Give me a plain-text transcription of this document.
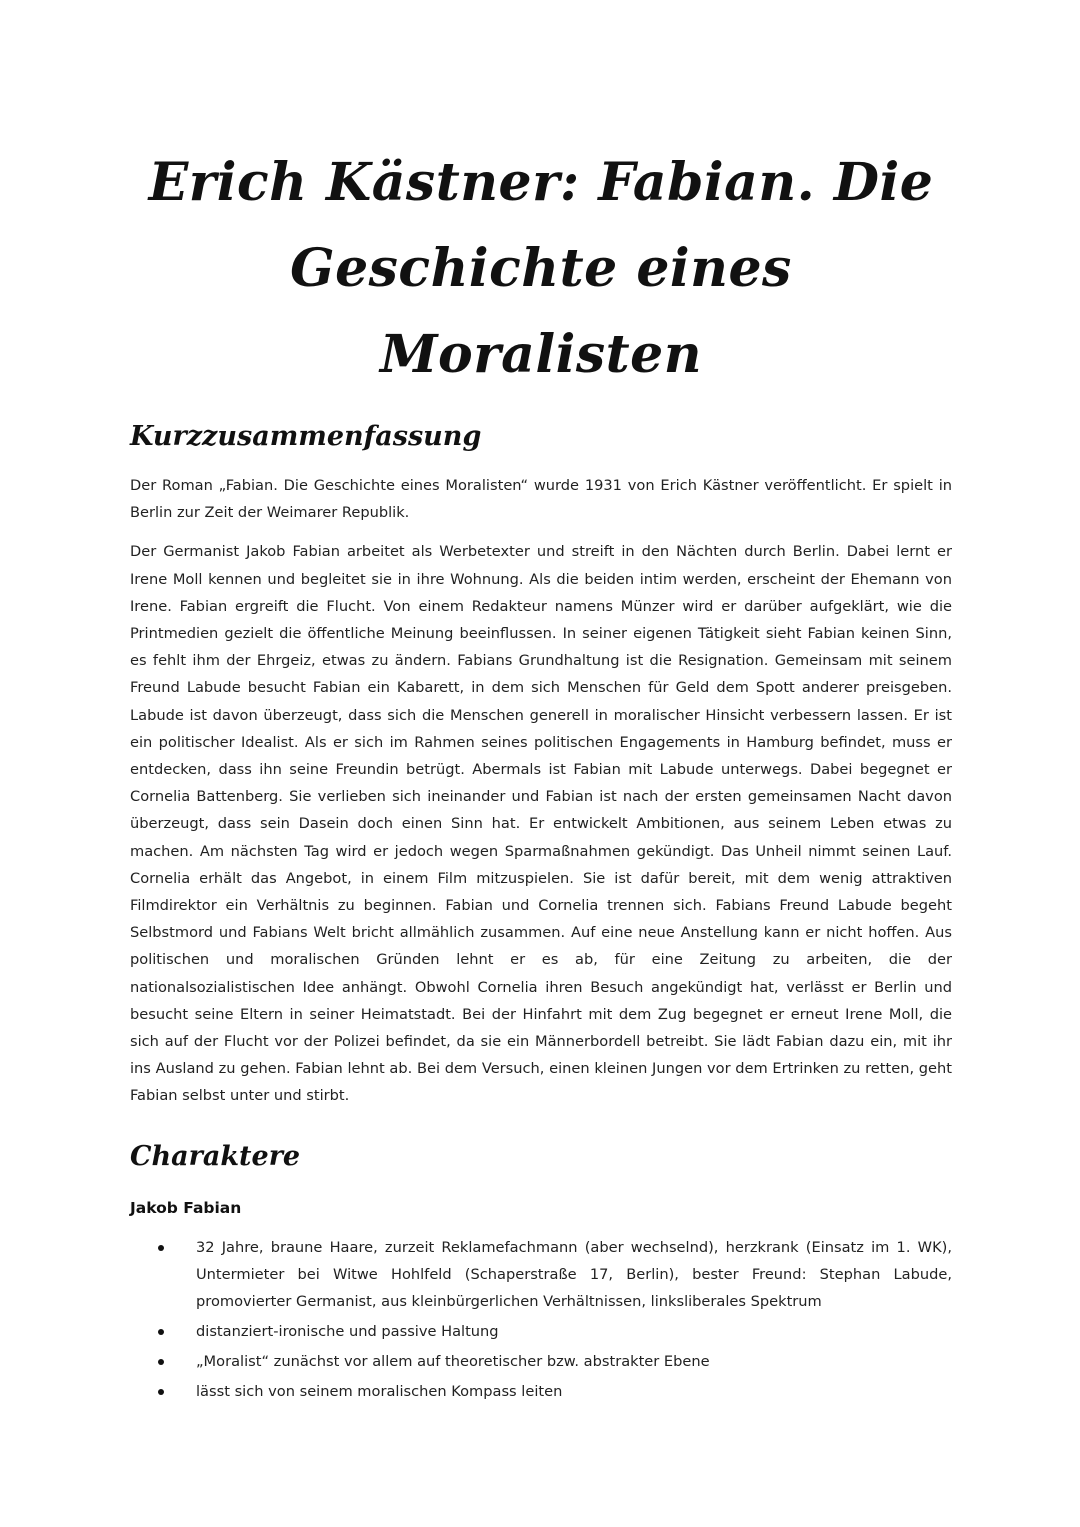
Erich Kästner: Fabian. Die
Geschichte eines Moralisten
Kurzzusammenfassung

Der Roman „Fabian. Die Geschichte eines Moralisten“ wurde 1931 von Erich Kästner veröffentlicht. Er spielt in Berlin zur Zeit der Weimarer Republik.

Der Germanist Jakob Fabian arbeitet als Werbetexter und streift in den Nächten durch Berlin. Dabei lernt er Irene Moll kennen und begleitet sie in ihre Wohnung. Als die beiden intim werden, erscheint der Ehemann von Irene. Fabian ergreift die Flucht. Von einem Redakteur namens Münzer wird er darüber aufgeklärt, wie die Printmedien gezielt die öffentliche Meinung beeinflussen. In seiner eigenen Tätigkeit sieht Fabian keinen Sinn, es fehlt ihm der Ehrgeiz, etwas zu ändern. Fabians Grundhaltung ist die Resignation. Gemeinsam mit seinem Freund Labude besucht Fabian ein Kabarett, in dem sich Menschen für Geld dem Spott anderer preisgeben. Labude ist davon überzeugt, dass sich die Menschen generell in moralischer Hinsicht verbessern lassen. Er ist ein politischer Idealist. Als er sich im Rahmen seines politischen Engagements in Hamburg befindet, muss er entdecken, dass ihn seine Freundin betrügt. Abermals ist Fabian mit Labude unterwegs. Dabei begegnet er Cornelia Battenberg. Sie verlieben sich ineinander und Fabian ist nach der ersten gemeinsamen Nacht davon überzeugt, dass sein Dasein doch einen Sinn hat. Er entwickelt Ambitionen, aus seinem Leben etwas zu machen. Am nächsten Tag wird er jedoch wegen Sparmaßnahmen gekündigt. Das Unheil nimmt seinen Lauf. Cornelia erhält das Angebot, in einem Film mitzuspielen. Sie ist dafür bereit, mit dem wenig attraktiven Filmdirektor ein Verhältnis zu beginnen. Fabian und Cornelia trennen sich. Fabians Freund Labude begeht Selbstmord und Fabians Welt bricht allmählich zusammen. Auf eine neue Anstellung kann er nicht hoffen. Aus politischen und moralischen Gründen lehnt er es ab, für eine Zeitung zu arbeiten, die der nationalsozialistischen Idee anhängt. Obwohl Cornelia ihren Besuch angekündigt hat, verlässt er Berlin und besucht seine Eltern in seiner Heimatstadt. Bei der Hinfahrt mit dem Zug begegnet er erneut Irene Moll, die sich auf der Flucht vor der Polizei befindet, da sie ein Männerbordell betreibt. Sie lädt Fabian dazu ein, mit ihr ins Ausland zu gehen. Fabian lehnt ab. Bei dem Versuch, einen kleinen Jungen vor dem Ertrinken zu retten, geht Fabian selbst unter und stirbt.

Charaktere
Jakob Fabian
32 Jahre, braune Haare, zurzeit Reklamefachmann (aber wechselnd), herzkrank (Einsatz im 1. WK), Untermieter bei Witwe Hohlfeld (Schaperstraße 17, Berlin), bester Freund: Stephan Labude, promovierter Germanist, aus kleinbürgerlichen Verhältnissen, linksliberales Spektrum
distanziert-ironische und passive Haltung
„Moralist“ zunächst vor allem auf theoretischer bzw. abstrakter Ebene
lässt sich von seinem moralischen Kompass leiten
